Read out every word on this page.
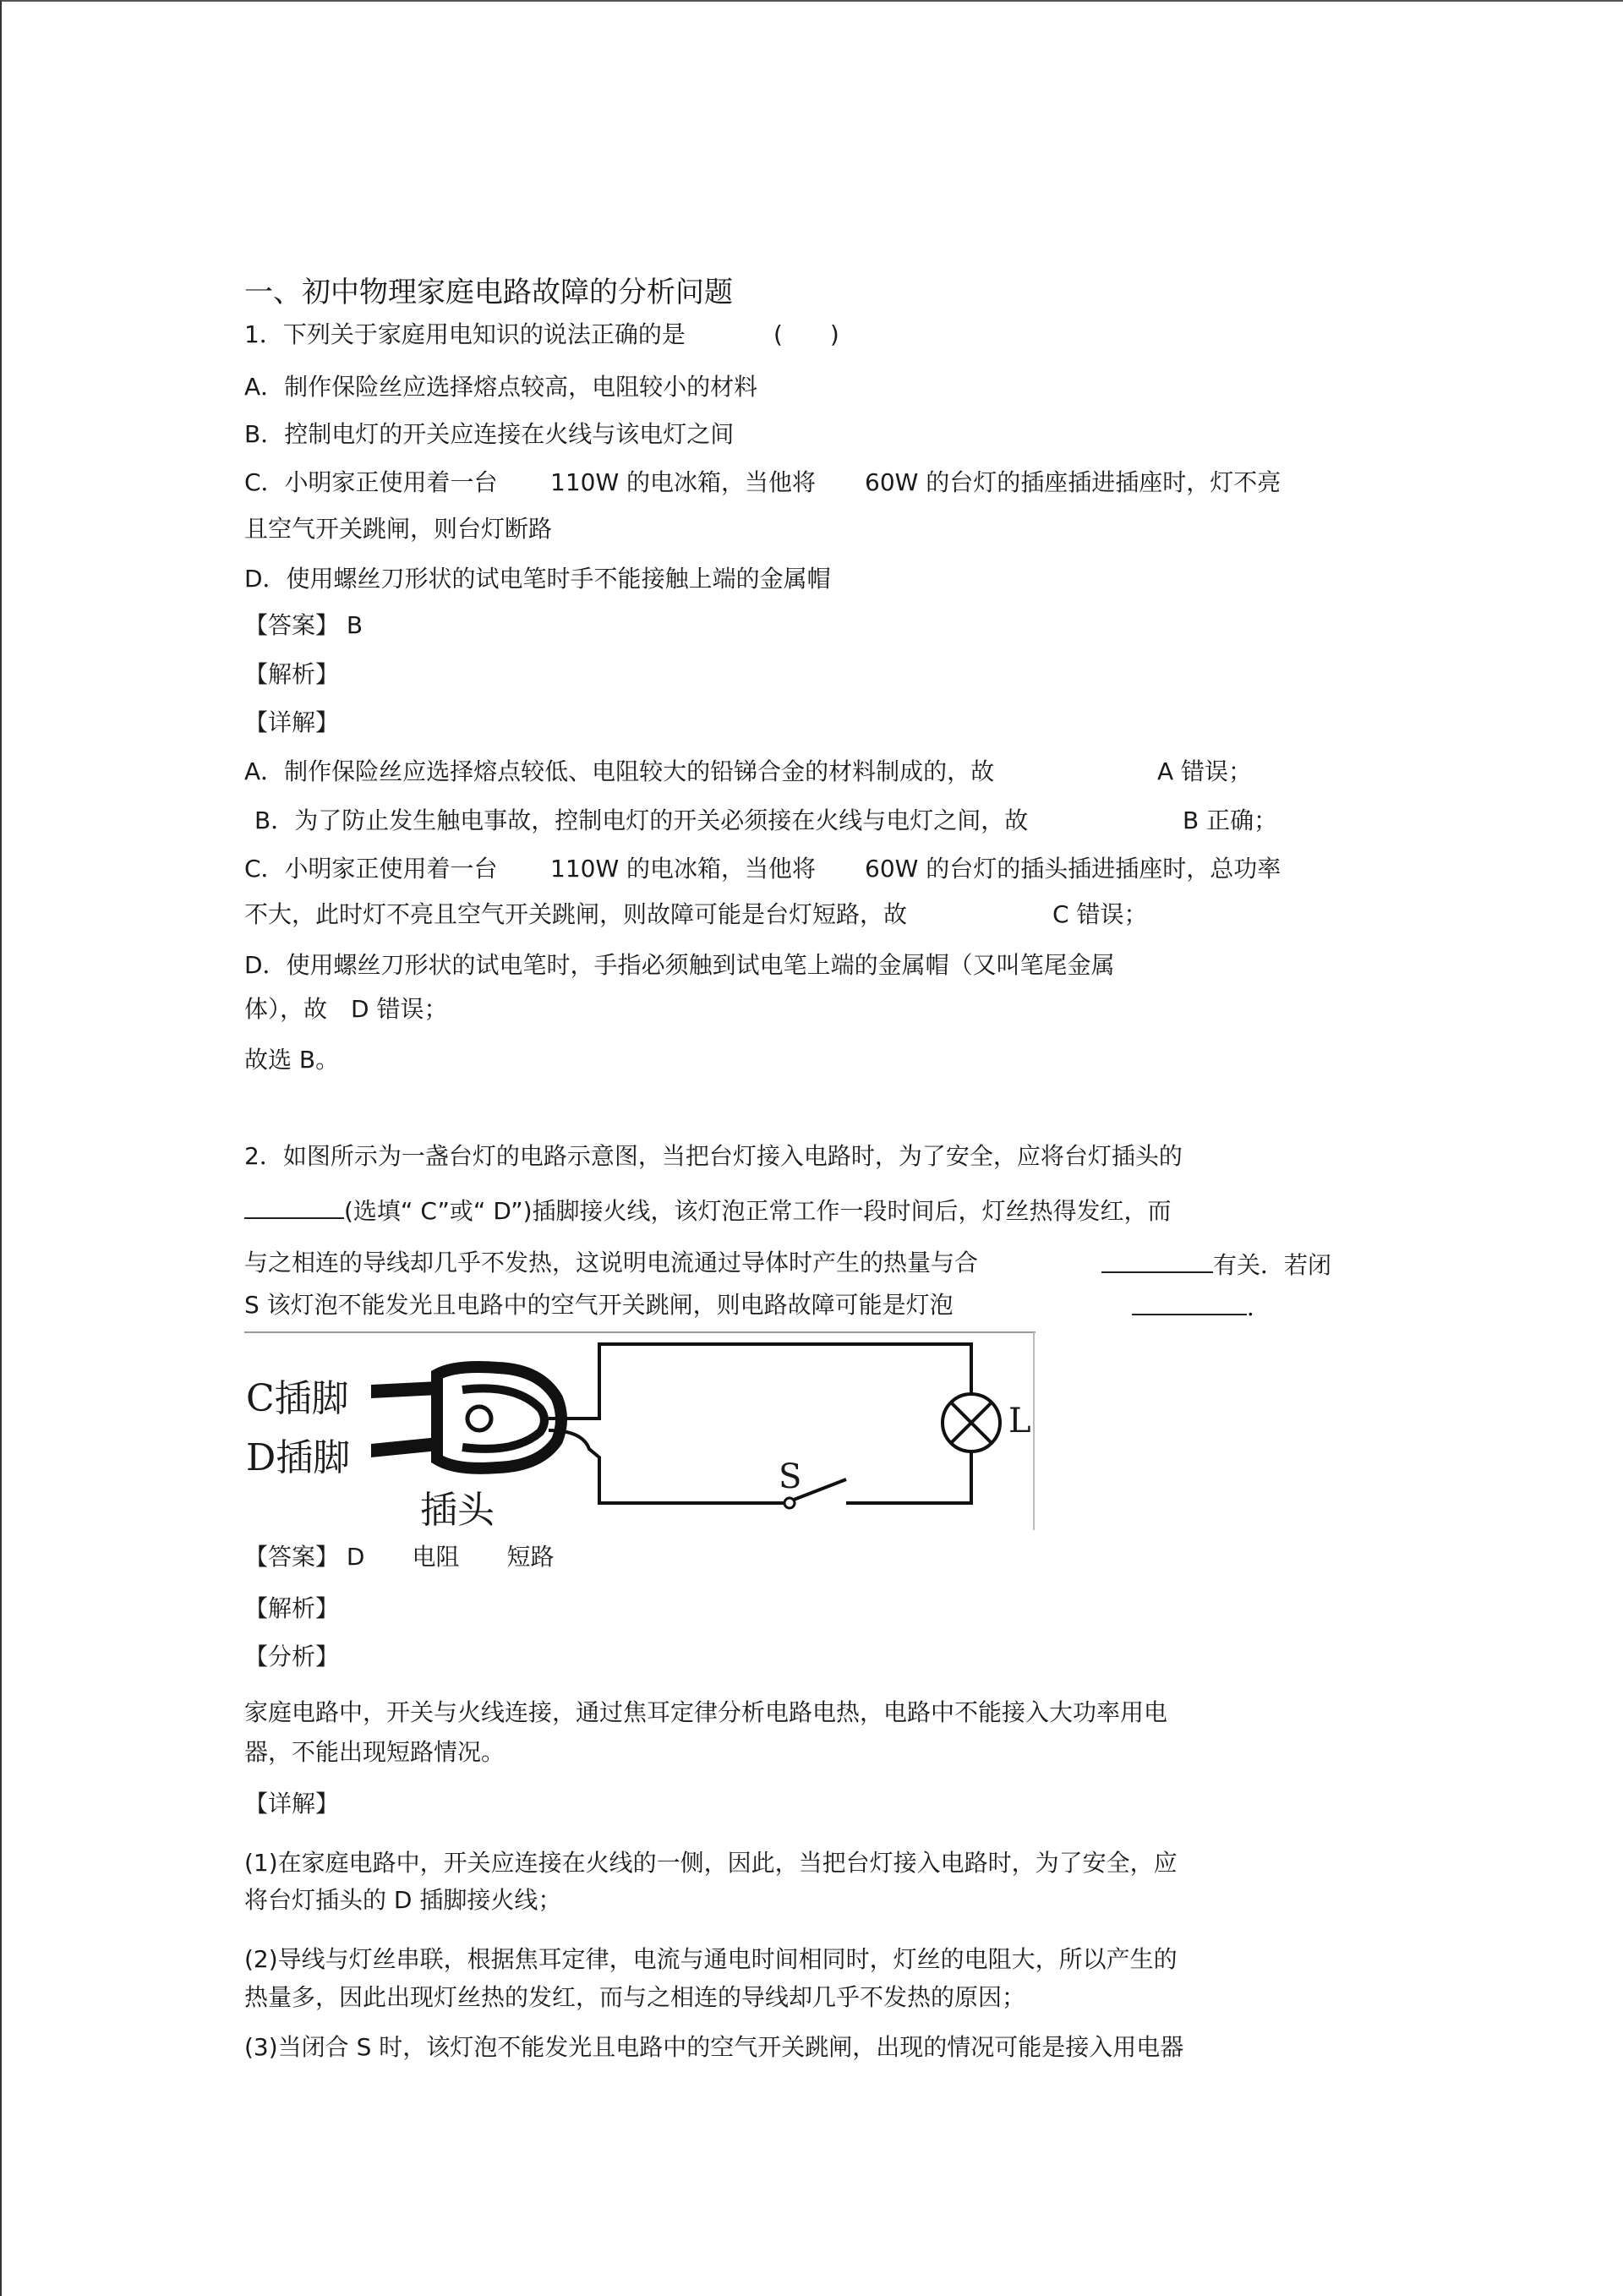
一、初中物理家庭电路故障的分析问题
1．下列关于家庭用电知识的说法正确的是	(　　)
A．制作保险丝应选择熔点较高，电阻较小的材料
B．控制电灯的开关应连接在火线与该电灯之间
C．小明家正使用着一台 110W 的电冰箱，当他将 60W 的台灯的插座插进插座时，灯不亮
且空气开关跳闸，则台灯断路
D．使用螺丝刀形状的试电笔时手不能接触上端的金属帽
【答案】 B
【解析】
【详解】
A．制作保险丝应选择熔点较低、电阻较大的铅锑合金的材料制成的，故	A 错误；
B．为了防止发生触电事故，控制电灯的开关必须接在火线与电灯之间，故	B 正确；
C．小明家正使用着一台 110W 的电冰箱，当他将 60W 的台灯的插头插进插座时，总功率
不大，此时灯不亮且空气开关跳闸，则故障可能是台灯短路，故	C 错误；
D．使用螺丝刀形状的试电笔时，手指必须触到试电笔上端的金属帽（又叫笔尾金属
体），故　D 错误；
故选 B。
2．如图所示为一盏台灯的电路示意图，当把台灯接入电路时，为了安全，应将台灯插头的
(选填“ C”或“ D”)插脚接火线，该灯泡正常工作一段时间后，灯丝热得发红，而
与之相连的导线却几乎不发热，这说明电流通过导体时产生的热量与合	有关．若闭
S 该灯泡不能发光且电路中的空气开关跳闸，则电路故障可能是灯泡	．
C插脚
D插脚
插头
S
L
【答案】 D　　电阻　　短路
【解析】
【分析】
家庭电路中，开关与火线连接，通过焦耳定律分析电路电热，电路中不能接入大功率用电
器，不能出现短路情况。
【详解】
(1)在家庭电路中，开关应连接在火线的一侧，因此，当把台灯接入电路时，为了安全，应
将台灯插头的 D 插脚接火线；
(2)导线与灯丝串联，根据焦耳定律，电流与通电时间相同时，灯丝的电阻大，所以产生的
热量多，因此出现灯丝热的发红，而与之相连的导线却几乎不发热的原因；
(3)当闭合 S 时，该灯泡不能发光且电路中的空气开关跳闸，出现的情况可能是接入用电器
